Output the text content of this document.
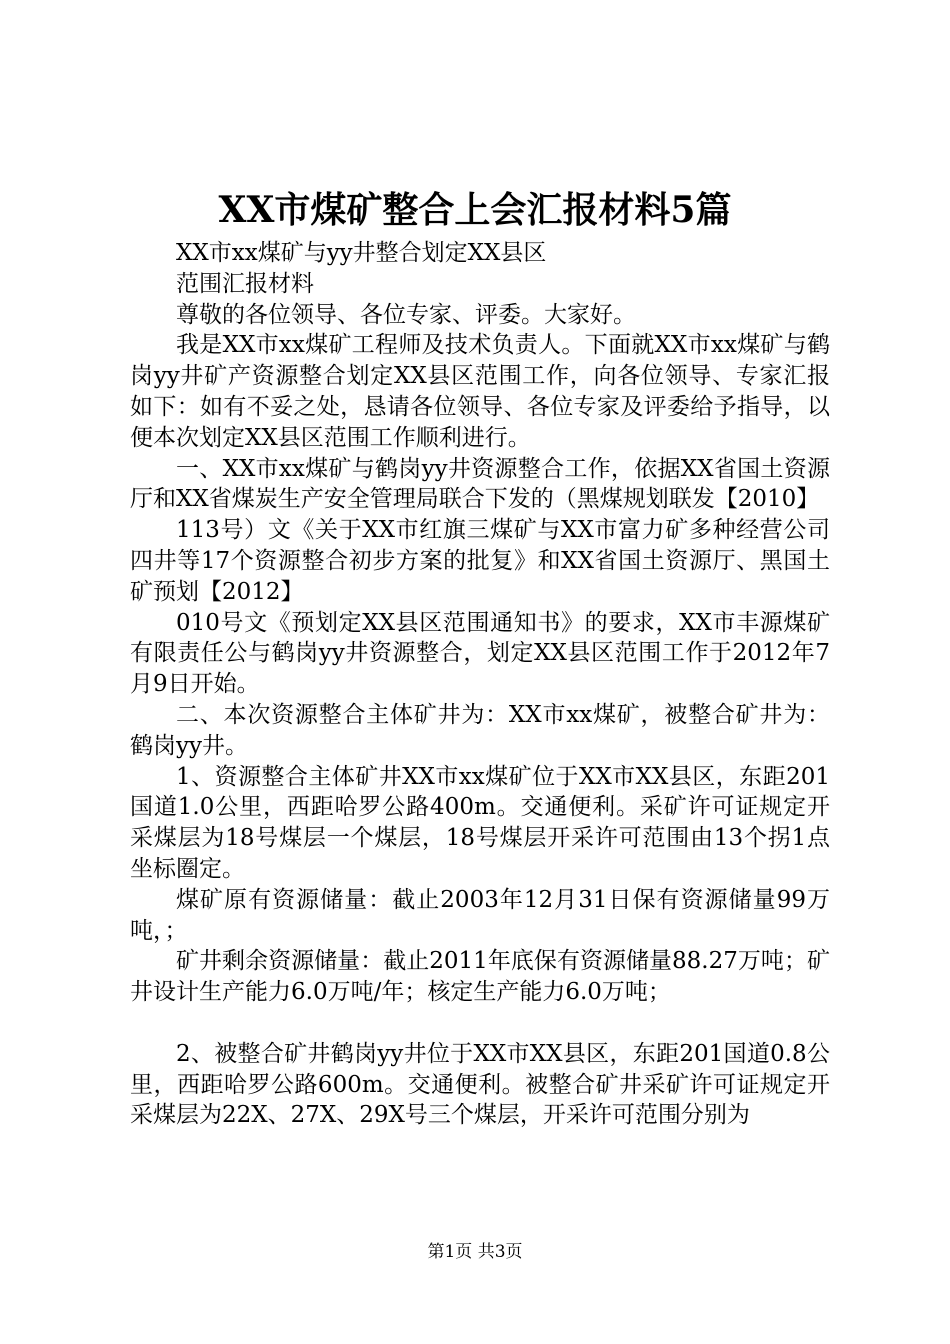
XX市煤矿整合上会汇报材料5篇

XX市xx煤矿与yy井整合划定XX县区

范围汇报材料

尊敬的各位领导、各位专家、评委。大家好。

我是XX市xx煤矿工程师及技术负责人。下面就XX市xx煤矿与鹤岗yy井矿产资源整合划定XX县区范围工作，向各位领导、专家汇报如下：如有不妥之处，恳请各位领导、各位专家及评委给予指导，以便本次划定XX县区范围工作顺利进行。

一、XX市xx煤矿与鹤岗yy井资源整合工作，依据XX省国土资源厅和XX省煤炭生产安全管理局联合下发的（黑煤规划联发【2010】

113号）文《关于XX市红旗三煤矿与XX市富力矿多种经营公司四井等17个资源整合初步方案的批复》和XX省国土资源厅、黑国土矿预划【2012】

010号文《预划定XX县区范围通知书》的要求，XX市丰源煤矿有限责任公与鹤岗yy井资源整合，划定XX县区范围工作于2012年7月9日开始。

二、本次资源整合主体矿井为：XX市xx煤矿，被整合矿井为：鹤岗yy井。

1、资源整合主体矿井XX市xx煤矿位于XX市XX县区，东距201国道1.0公里，西距哈罗公路400m。交通便利。采矿许可证规定开采煤层为18号煤层一个煤层，18号煤层开采许可范围由13个拐1点坐标圈定。

煤矿原有资源储量：截止2003年12月31日保有资源储量99万吨，；

矿井剩余资源储量：截止2011年底保有资源储量88.27万吨；矿井设计生产能力6.0万吨/年；核定生产能力6.0万吨；

2、被整合矿井鹤岗yy井位于XX市XX县区，东距201国道0.8公里，西距哈罗公路600m。交通便利。被整合矿井采矿许可证规定开采煤层为22X、27X、29X号三个煤层，开采许可范围分别为

第1页 共3页
